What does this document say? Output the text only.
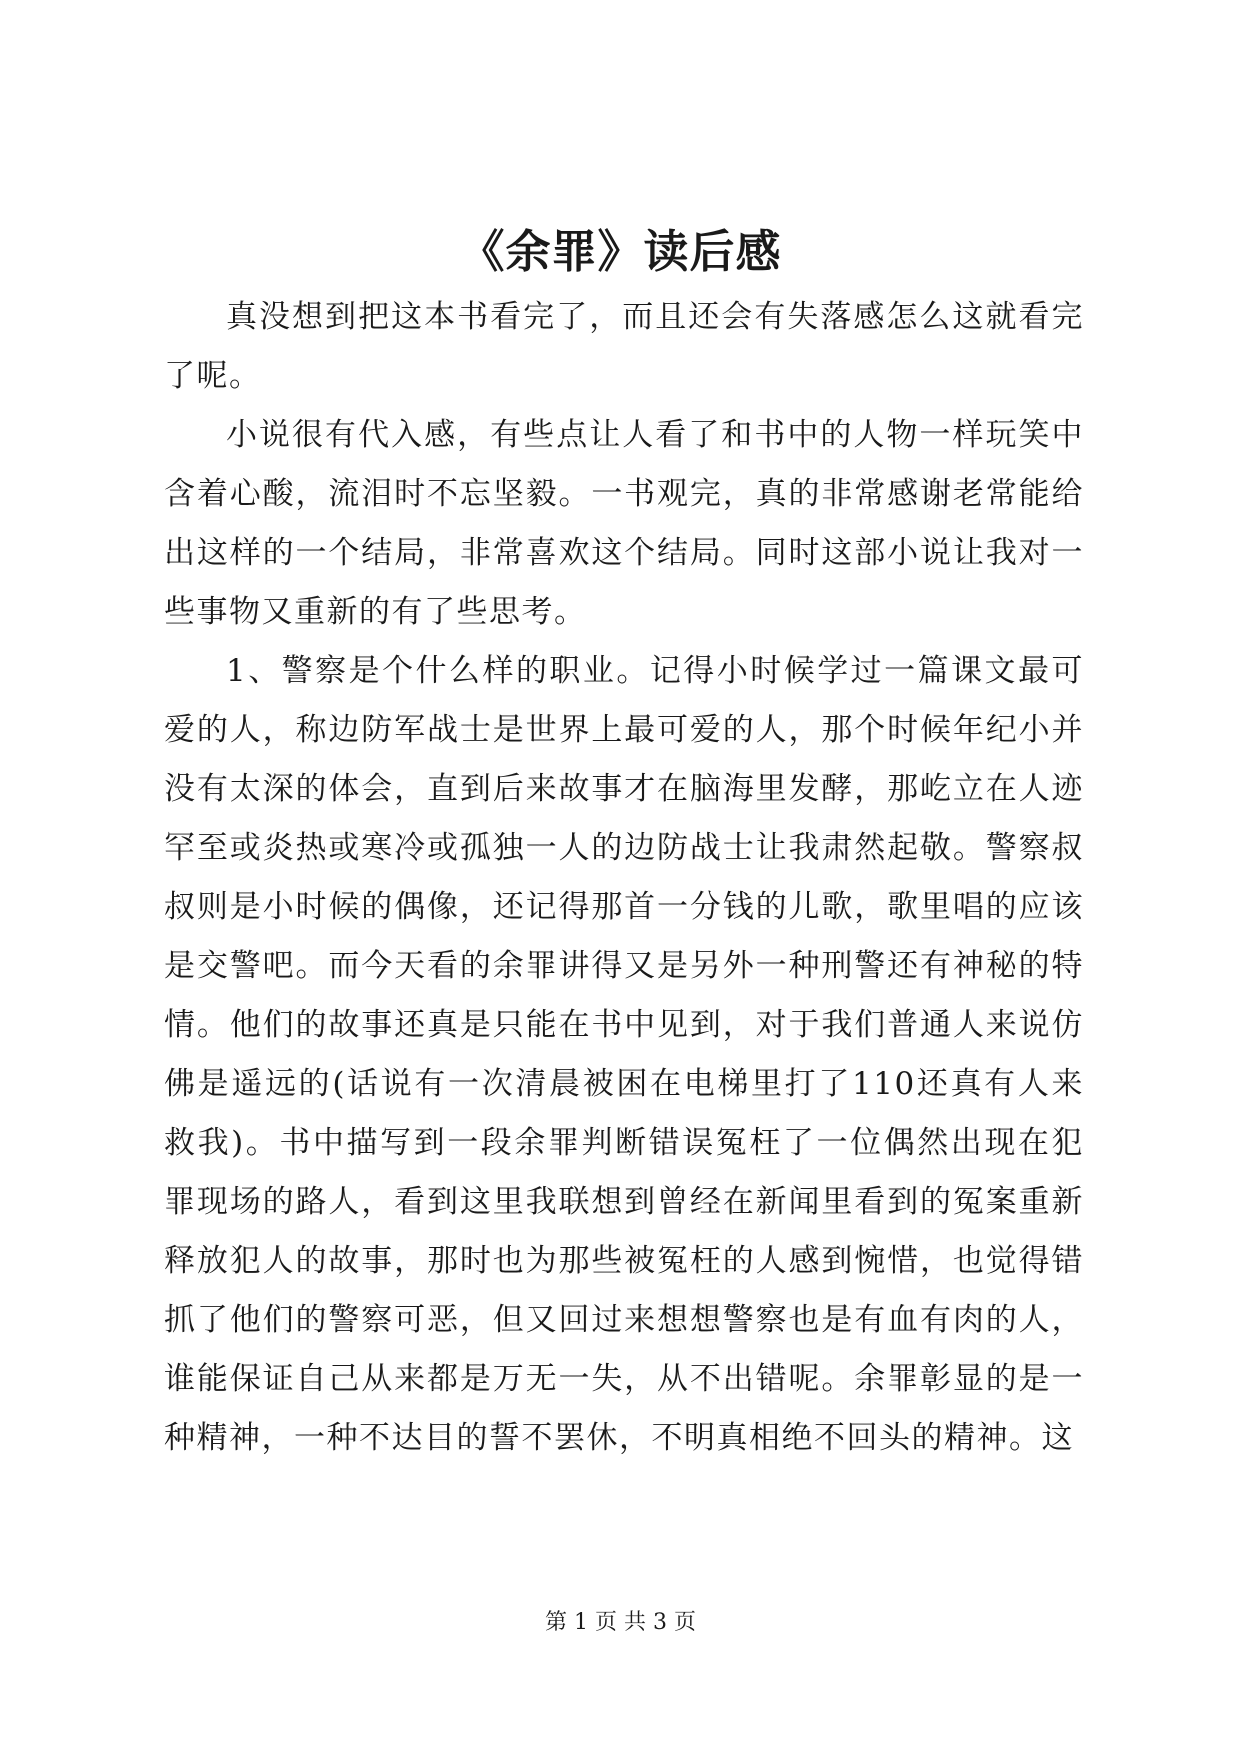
《余罪》读后感

真没想到把这本书看完了，而且还会有失落感怎么这就看完了呢。

小说很有代入感，有些点让人看了和书中的人物一样玩笑中含着心酸，流泪时不忘坚毅。一书观完，真的非常感谢老常能给出这样的一个结局，非常喜欢这个结局。同时这部小说让我对一些事物又重新的有了些思考。

1、警察是个什么样的职业。记得小时候学过一篇课文最可爱的人，称边防军战士是世界上最可爱的人，那个时候年纪小并没有太深的体会，直到后来故事才在脑海里发酵，那屹立在人迹罕至或炎热或寒冷或孤独一人的边防战士让我肃然起敬。警察叔叔则是小时候的偶像，还记得那首一分钱的儿歌，歌里唱的应该是交警吧。而今天看的余罪讲得又是另外一种刑警还有神秘的特情。他们的故事还真是只能在书中见到，对于我们普通人来说仿佛是遥远的(话说有一次清晨被困在电梯里打了110还真有人来救我)。书中描写到一段余罪判断错误冤枉了一位偶然出现在犯罪现场的路人，看到这里我联想到曾经在新闻里看到的冤案重新释放犯人的故事，那时也为那些被冤枉的人感到惋惜，也觉得错抓了他们的警察可恶，但又回过来想想警察也是有血有肉的人，谁能保证自己从来都是万无一失，从不出错呢。余罪彰显的是一种精神，一种不达目的誓不罢休，不明真相绝不回头的精神。这

第 1 页 共 3 页
